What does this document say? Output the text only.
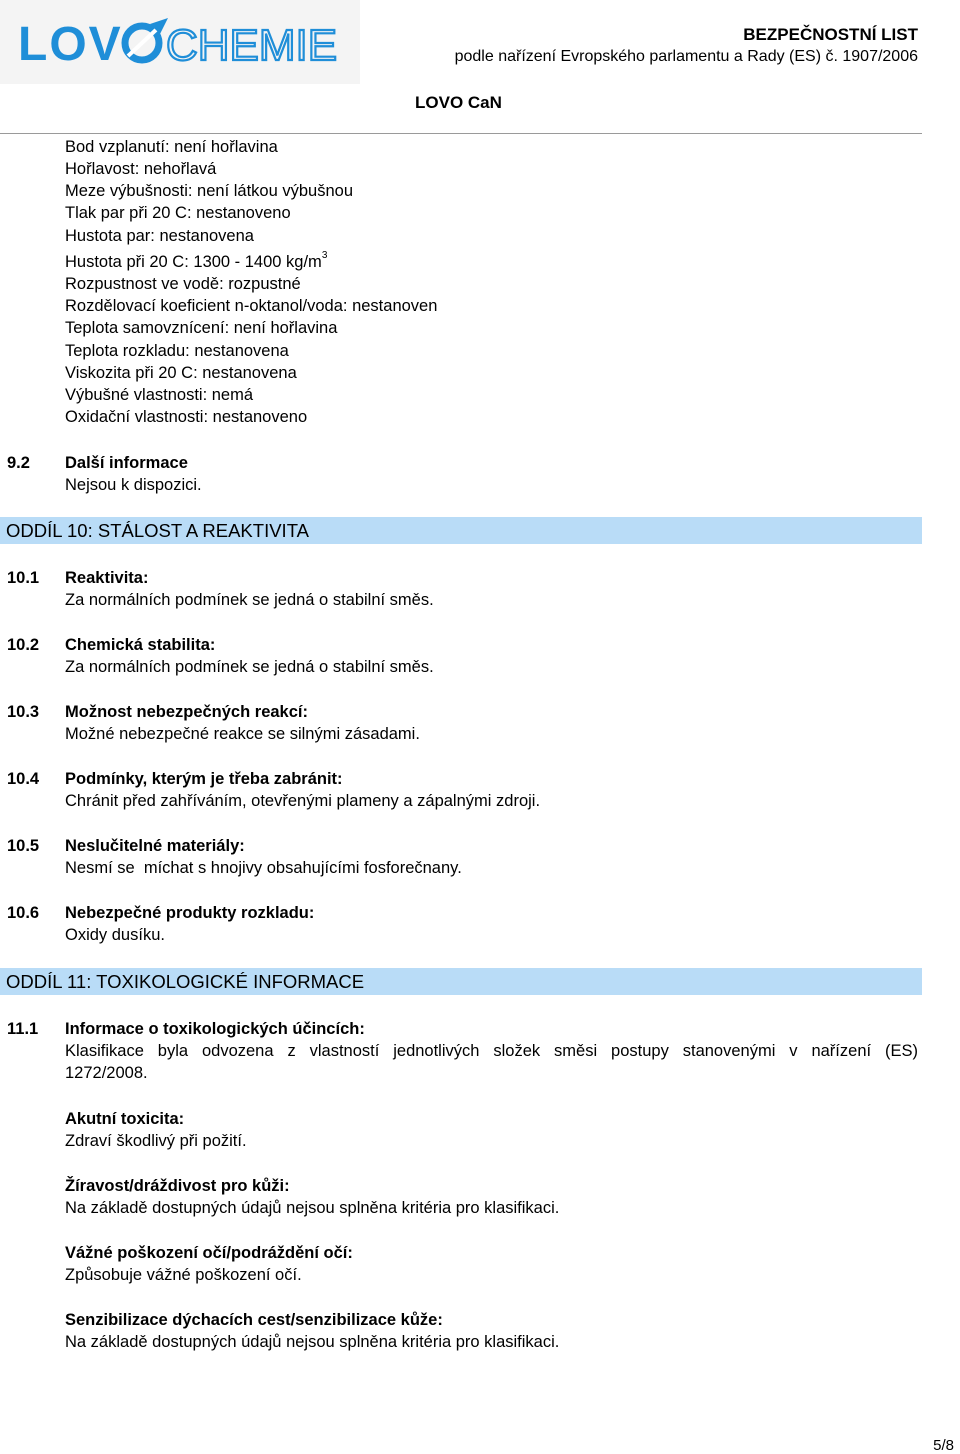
LOV CHEMIE	BEZPEČNOSTNÍ LIST
podle nařízení Evropského parlamentu a Rady (ES) č. 1907/2006
LOVO CaN
Bod vzplanutí: není hořlavina
Hořlavost: nehořlavá
Meze výbušnosti: není látkou výbušnou
Tlak par při 20 C: nestanoveno
Hustota par: nestanovena
Hustota při 20 C: 1300 - 1400 $kg/m^3$
Rozpustnost ve vodě: rozpustné
Rozdělovací koeficient n-oktanol/voda: nestanoven
Teplota samovznícení: není hořlavina
Teplota rozkladu: nestanovena
Viskozita při 20 C: nestanovena
Výbušné vlastnosti: nemá
Oxidační vlastnosti: nestanoveno
9.2 Další informace
Nejsou k dispozici.
ODDÍL 10: STÁLOST A REAKTIVITA
10.1 Reaktivita:
Za normálních podmínek se jedná o stabilní směs.
10.2 Chemická stabilita:
Za normálních podmínek se jedná o stabilní směs.
10.3 Možnost nebezpečných reakcí:
Možné nebezpečné reakce se silnými zásadami.
10.4 Podmínky, kterým je třeba zabránit:
Chránit před zahříváním, otevřenými plameny a zápalnými zdroji.
10.5 Neslučitelné materiály:
Nesmí se  míchat s hnojivy obsahujícími fosforečnany.
10.6 Nebezpečné produkty rozkladu:
Oxidy dusíku.
ODDÍL 11: TOXIKOLOGICKÉ INFORMACE
11.1 Informace o toxikologických účincích:
Klasifikace byla odvozena z vlastností jednotlivých složek směsi postupy stanovenými v nařízení (ES)
1272/2008.
Akutní toxicita:
Zdraví škodlivý při požití.
Žíravost/dráždivost pro kůži:
Na základě dostupných údajů nejsou splněna kritéria pro klasifikaci.
Vážné poškození očí/podráždění očí:
Způsobuje vážné poškození očí.
Senzibilizace dýchacích cest/senzibilizace kůže:
Na základě dostupných údajů nejsou splněna kritéria pro klasifikaci.
5/8
